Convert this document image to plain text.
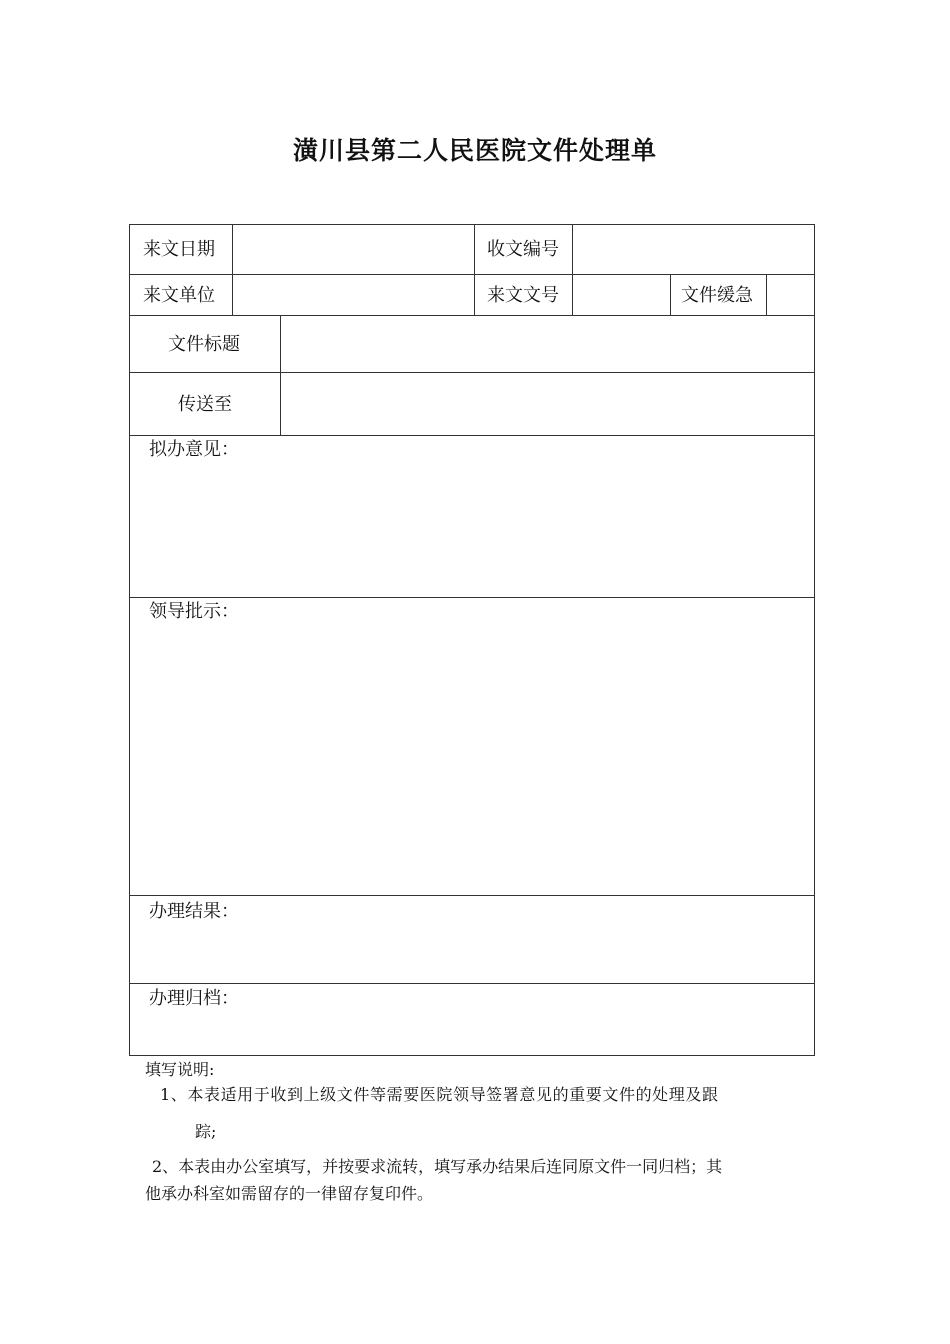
潢川县第二人民医院文件处理单
来文日期	收文编号
来文单位	来文文号	文件缓急
文件标题
传送至
拟办意见：
领导批示：
办理结果：
办理归档：
填写说明:
1、本表适用于收到上级文件等需要医院领导签署意见的重要文件的处理及跟
踪;
2、本表由办公室填写，并按要求流转，填写承办结果后连同原文件一同归档；其
他承办科室如需留存的一律留存复印件。
